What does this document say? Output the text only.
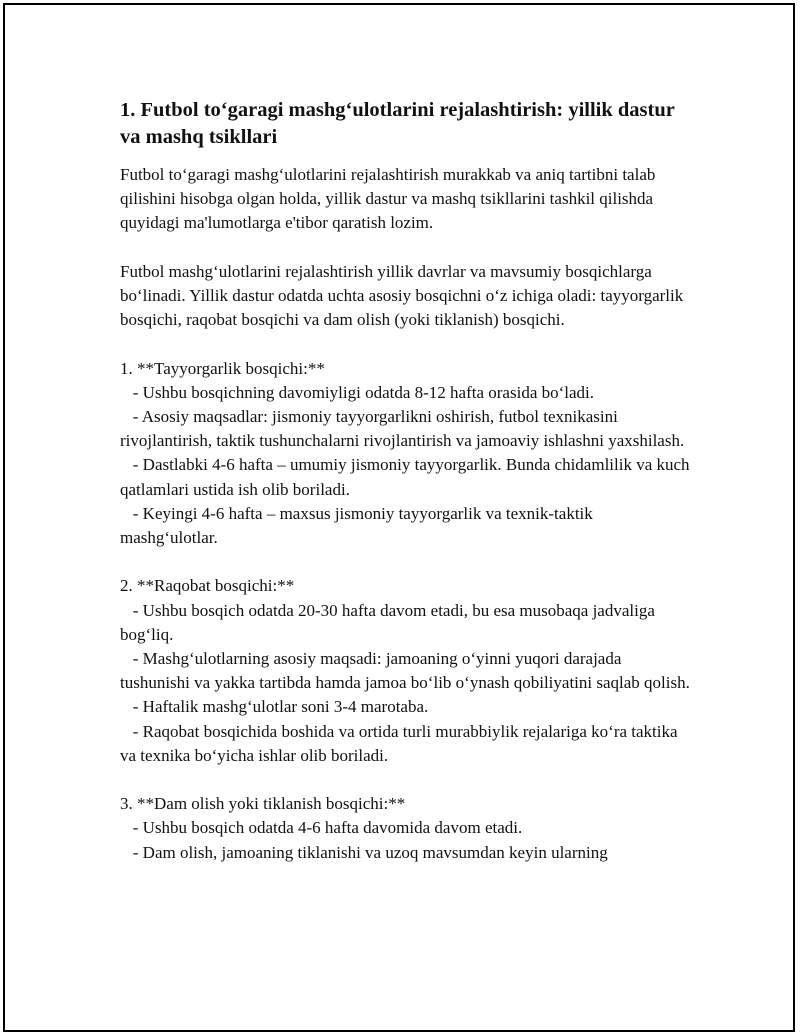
1. Futbol to‘garagi mashg‘ulotlarini rejalashtirish: yillik dastur va mashq tsikllari

Futbol to‘garagi mashg‘ulotlarini rejalashtirish murakkab va aniq tartibni talab qilishini hisobga olgan holda, yillik dastur va mashq tsikllarini tashkil qilishda quyidagi ma'lumotlarga e'tibor qaratish lozim.

Futbol mashg‘ulotlarini rejalashtirish yillik davrlar va mavsumiy bosqichlarga bo‘linadi. Yillik dastur odatda uchta asosiy bosqichni o‘z ichiga oladi: tayyorgarlik bosqichi, raqobat bosqichi va dam olish (yoki tiklanish) bosqichi.

1. **Tayyorgarlik bosqichi:**

- Ushbu bosqichning davomiyligi odatda 8-12 hafta orasida bo‘ladi.

- Asosiy maqsadlar: jismoniy tayyorgarlikni oshirish, futbol texnikasini rivojlantirish, taktik tushunchalarni rivojlantirish va jamoaviy ishlashni yaxshilash.

- Dastlabki 4-6 hafta – umumiy jismoniy tayyorgarlik. Bunda chidamlilik va kuch qatlamlari ustida ish olib boriladi.

- Keyingi 4-6 hafta – maxsus jismoniy tayyorgarlik va texnik-taktik mashg‘ulotlar.

2. **Raqobat bosqichi:**

- Ushbu bosqich odatda 20-30 hafta davom etadi, bu esa musobaqa jadvaliga bog‘liq.

- Mashg‘ulotlarning asosiy maqsadi: jamoaning o‘yinni yuqori darajada tushunishi va yakka tartibda hamda jamoa bo‘lib o‘ynash qobiliyatini saqlab qolish.

- Haftalik mashg‘ulotlar soni 3-4 marotaba.

- Raqobat bosqichida boshida va ortida turli murabbiylik rejalariga ko‘ra taktika va texnika bo‘yicha ishlar olib boriladi.

3. **Dam olish yoki tiklanish bosqichi:**

- Ushbu bosqich odatda 4-6 hafta davomida davom etadi.

- Dam olish, jamoaning tiklanishi va uzoq mavsumdan keyin ularning
